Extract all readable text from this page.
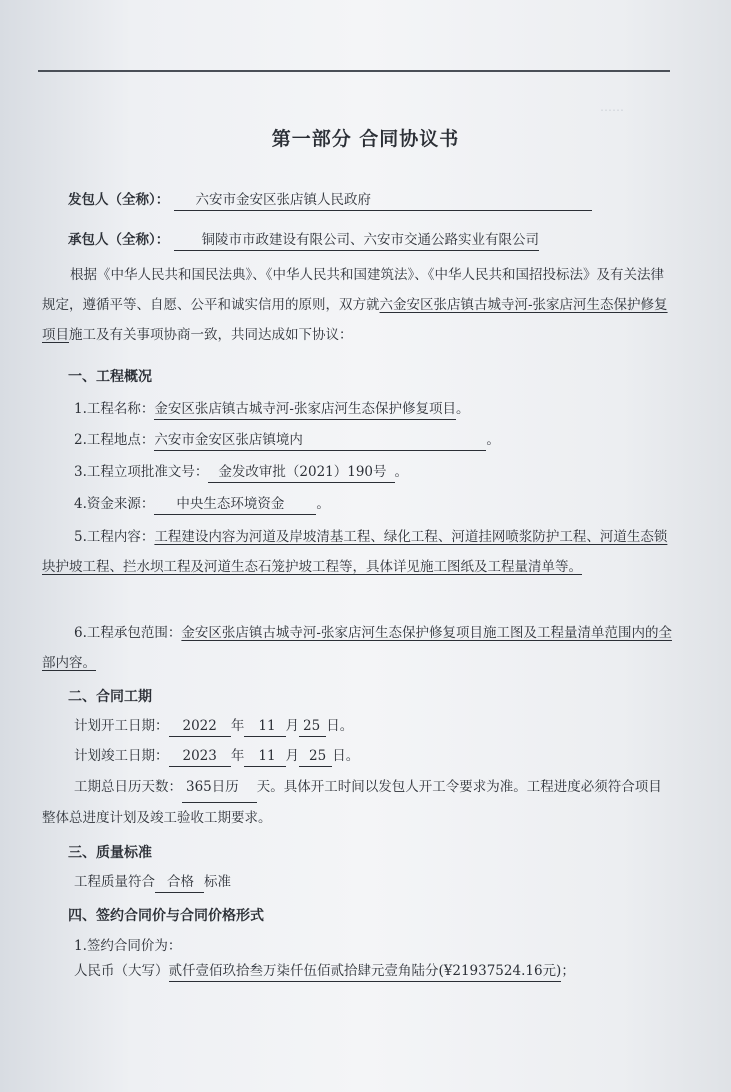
……
第一部分 合同协议书
发包人（全称）： 六安市金安区张店镇人民政府
承包人（全称）： 铜陵市市政建设有限公司、六安市交通公路实业有限公司
根据《中华人民共和国民法典》、《中华人民共和国建筑法》、《中华人民共和国招投标法》及有关法律规定，遵循平等、自愿、公平和诚实信用的原则，双方就六金安区张店镇古城寺河-张家店河生态保护修复项目施工及有关事项协商一致，共同达成如下协议：
一、工程概况
1.工程名称：金安区张店镇古城寺河-张家店河生态保护修复项目。
2.工程地点：六安市金安区张店镇境内	。
3.工程立项批准文号： 金发改审批（2021）190号 。
4.资金来源： 中央生态环境资金 。
5.工程内容：工程建设内容为河道及岸坡清基工程、绿化工程、河道挂网喷浆防护工程、河道生态锁块护坡工程、拦水坝工程及河道生态石笼护坡工程等，具体详见施工图纸及工程量清单等。
6.工程承包范围：金安区张店镇古城寺河-张家店河生态保护修复项目施工图及工程量清单范围内的全部内容。
二、合同工期
计划开工日期： 2022 年 11 月 25 日。
计划竣工日期： 2023 年 11 月 25 日。
工期总日历天数： 365日历 天。具体开工时间以发包人开工令要求为准。工程进度必须符合项目整体总进度计划及竣工验收工期要求。
三、质量标准
工程质量符合 合格 标准
四、签约合同价与合同价格形式
1.签约合同价为：
人民币（大写）贰仟壹佰玖拾叁万柒仟伍佰贰拾肆元壹角陆分(¥21937524.16元)；
